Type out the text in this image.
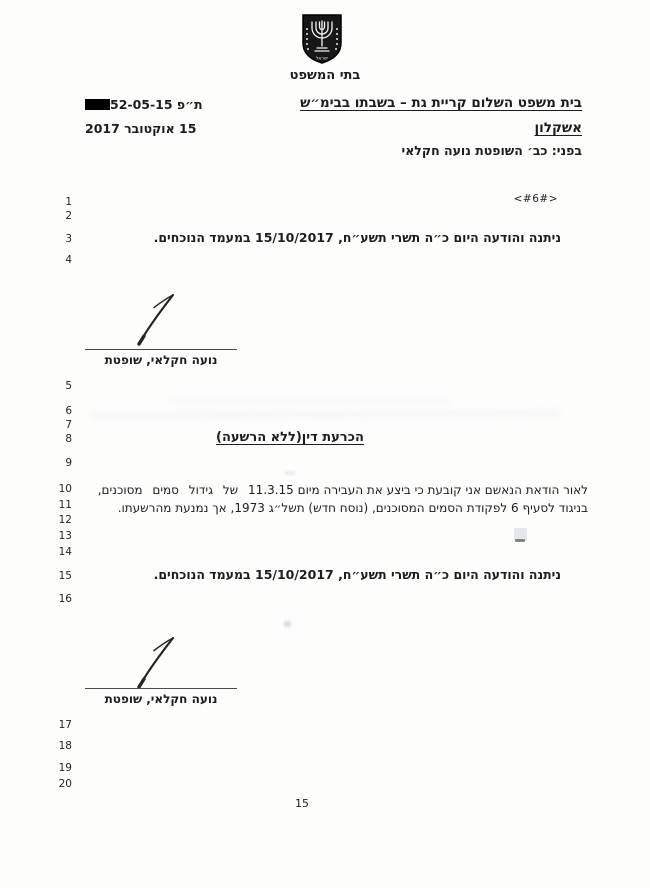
ישראל
בתי המשפט
בית משפט השלום קריית גת – בשבתו בבימ״ש
אשקלון
בפני: כב׳ השופטת נועה חקלאי
ת״פ 52-05-15
15 אוקטובר 2017
1
2
3
4
5
6
7
8
9
10
11
12
13
14
15
16
17
18
19
20
<#6#>
ניתנה והודעה היום כ״ה תשרי תשע״ח, 15/10/2017 במעמד הנוכחים.
נועה חקלאי, שופטת
הכרעת דין(ללא הרשעה)
לאור הודאת הנאשם אני קובעת כי ביצע את העבירה מיום 11.3.15  של  גידול  סמים  מסוכנים,
בניגוד לסעיף 6 לפקודת הסמים המסוכנים, (נוסח חדש) תשל״ג 1973, אך נמנעת מהרשעתו.
ניתנה והודעה היום כ״ה תשרי תשע״ח, 15/10/2017 במעמד הנוכחים.
נועה חקלאי, שופטת
15
